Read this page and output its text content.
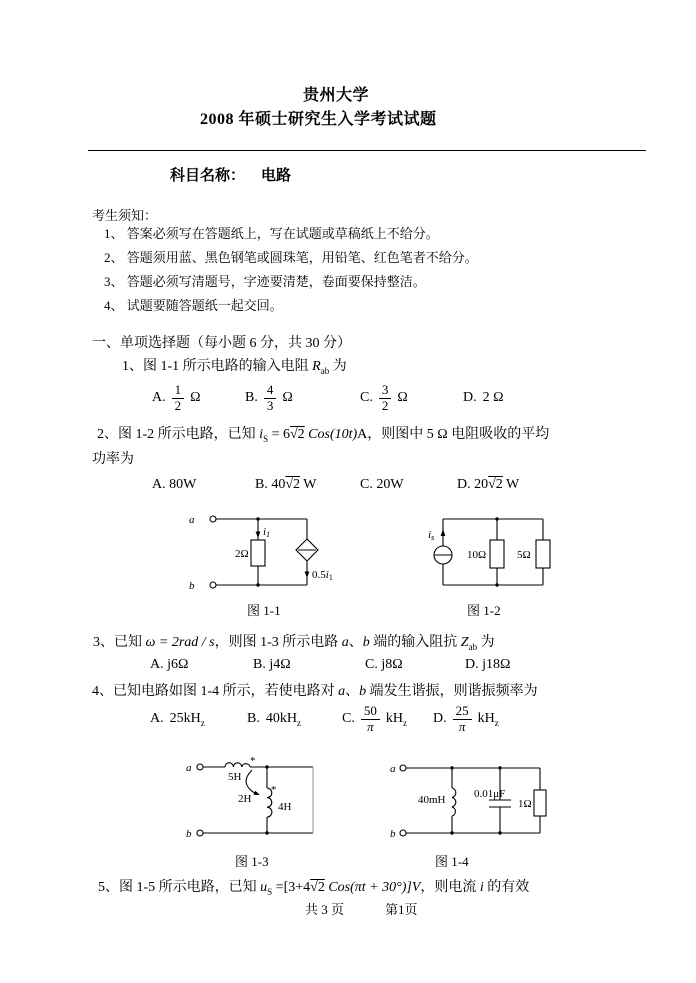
贵州大学
2008 年硕士研究生入学考试试题
科目名称： 电路
考生须知：
1、 答案必须写在答题纸上，写在试题或草稿纸上不给分。
2、 答题须用蓝、黑色钢笔或圆珠笔，用铅笔、红色笔者不给分。
3、 答题必须写清题号，字迹要清楚，卷面要保持整洁。
4、 试题要随答题纸一起交回。
一、单项选择题（每小题 6 分，共 30 分）
1、图 1-1 所示电路的输入电阻 $R_{ab}$ 为
A. $\frac{1}{2}$ Ω	B. $\frac{4}{3}$ Ω	C. $\frac{3}{2}$ Ω	D. 2 Ω
2、图 1-2 所示电路，已知 $i_S = 6√2$ Cos(10t)A，则图中 5 Ω 电阻吸收的平均
功率为
A. 80W	B. 40√2 W	C. 20W	D. 20√2 W
a
b
2Ω
i1
0.5i1
图 1-1
is
10Ω	5Ω
图 1-2
3、已知 ω = 2rad / s，则图 1-3 所示电路 a、b 端的输入阻抗 $Z_{ab}$ 为
A. j6Ω	B. j4Ω	C. j8Ω	D. j18Ω
4、已知电路如图 1-4 所示，若使电路对 a、b 端发生谐振，则谐振频率为
A. $25kH_z$	B. $40kH_z$	C. $\frac{50}{\pi} kH_z$ D. $\frac{25}{\pi} kH_z$
a
b
5H
2H
4H
*
*
图 1-3
a
b
40mH	0.01μF
1Ω
图 1-4
5、图 1-5 所示电路，已知 $u_S =[3+4√2$ Cos(πt + 30°)]V，则电流 i 的有效
共 3 页	第1页
